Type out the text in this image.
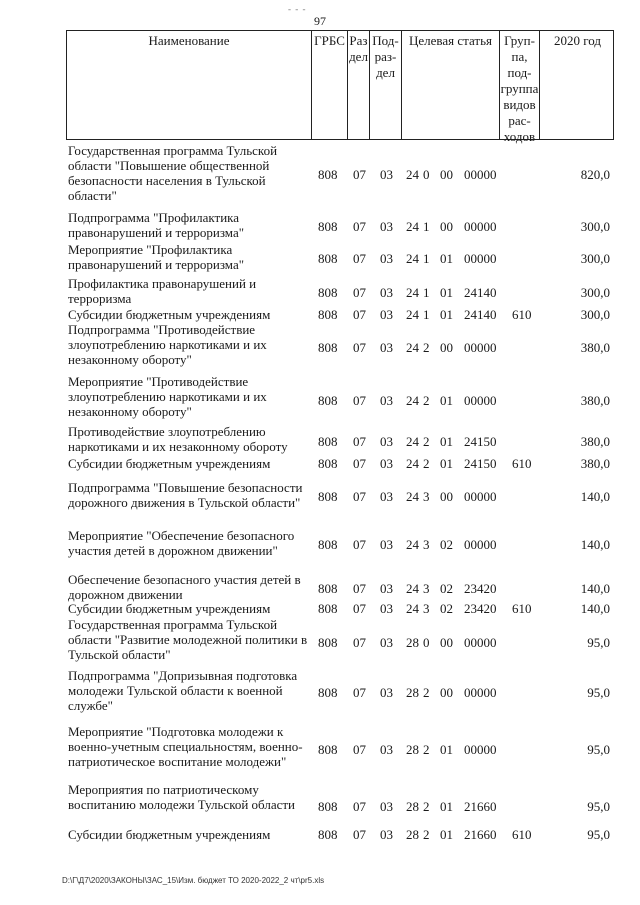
- - -
97
Наименование	ГРБС Раздел
Под-раз-дел
Целевая статья Груп-па, под-группа видов рас-ходов
2020 год
Государственная программа Тульской области "Повышение общественной безопасности населения в Тульской области"
808 07 03 24 0 00 00000	820,0
Подпрограмма "Профилактика правонарушений и терроризма"	808 07 03 24 1 00 00000	300,0
Мероприятие "Профилактика правонарушений и терроризма"	808 07 03 24 1 01 00000	300,0
Профилактика правонарушений и терроризма	808 07 03 24 1 01 24140	300,0
Субсидии бюджетным учреждениям	808 07 03 24 1 01 24140 610	300,0
Подпрограмма "Противодействие злоупотреблению наркотиками и их незаконному обороту"
808 07 03 24 2 00 00000	380,0
Мероприятие "Противодействие злоупотреблению наркотиками и их незаконному обороту"
808 07 03 24 2 01 00000	380,0
Противодействие злоупотреблению наркотиками и их незаконному обороту	808 07 03 24 2 01 24150	380,0
Субсидии бюджетным учреждениям	808 07 03 24 2 01 24150 610	380,0
Подпрограмма "Повышение безопасности дорожного движения в Тульской области"	808 07 03 24 3 00 00000	140,0
Мероприятие "Обеспечение безопасного участия детей в дорожном движении"	808 07 03 24 3 02 00000	140,0
Обеспечение безопасного участия детей в дорожном движении	808 07 03 24 3 02 23420	140,0
Субсидии бюджетным учреждениям	808 07 03 24 3 02 23420 610	140,0
Государственная программа Тульской области "Развитие молодежной политики в Тульской области"
808 07 03 28 0 00 00000	95,0
Подпрограмма "Допризывная подготовка молодежи Тульской области к военной службе"
808 07 03 28 2 00 00000	95,0
Мероприятие "Подготовка молодежи к военно-учетным специальностям, военно-патриотическое воспитание молодежи"
808 07 03 28 2 01 00000	95,0
Мероприятия по патриотическому воспитанию молодежи Тульской области	808 07 03 28 2 01 21660	95,0
Субсидии бюджетным учреждениям	808 07 03 28 2 01 21660 610	95,0
D:\Г\Д7\2020\ЗАКОНЫ\ЗАС_15\Изм. бюджет ТО 2020-2022_2 чт\pr5.xls
